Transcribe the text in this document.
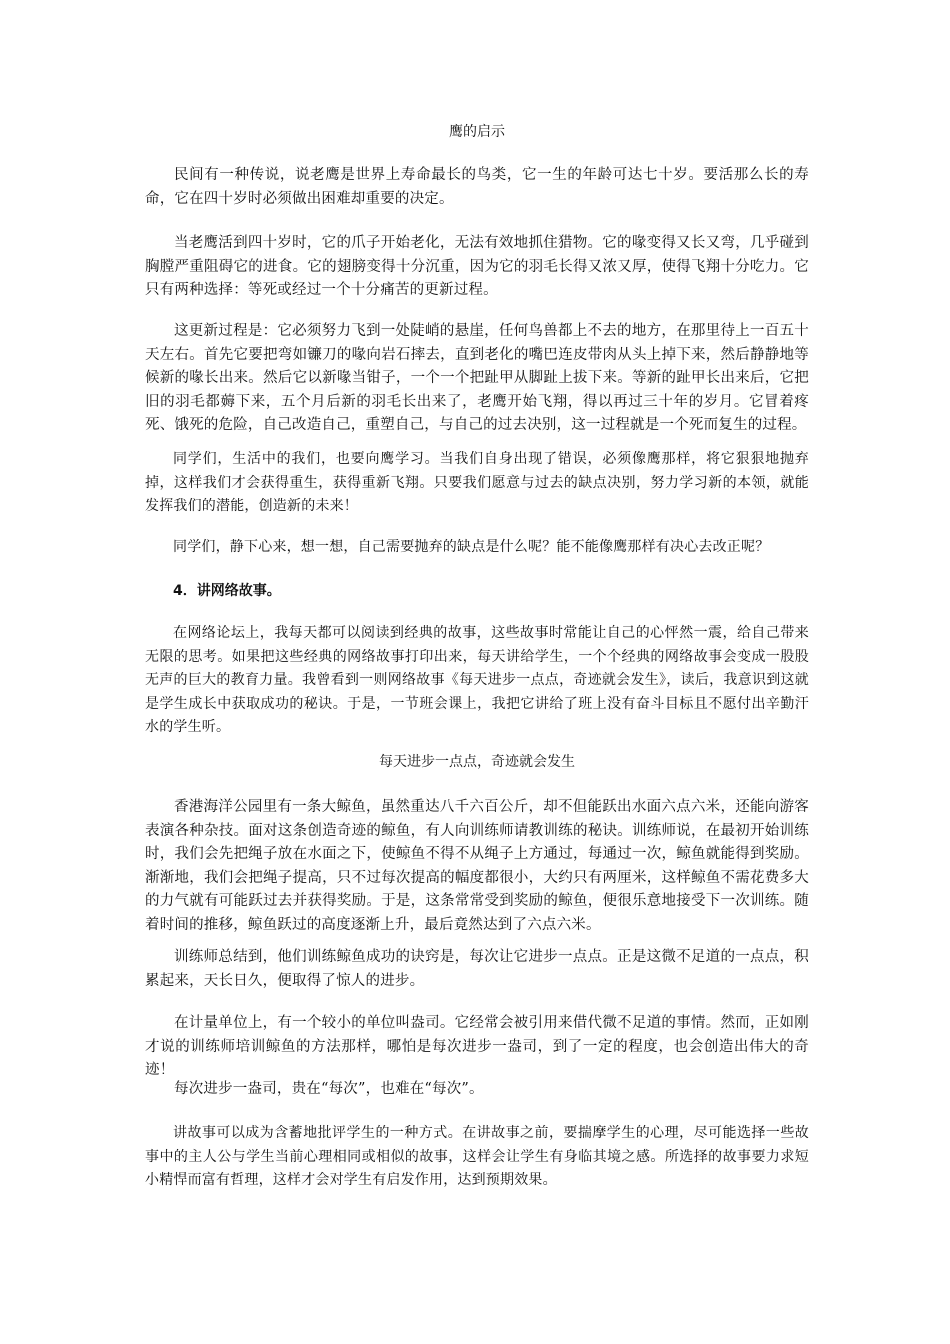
鹰的启示

民间有一种传说，说老鹰是世界上寿命最长的鸟类，它一生的年龄可达七十岁。要活那么长的寿命，它在四十岁时必须做出困难却重要的决定。

当老鹰活到四十岁时，它的爪子开始老化，无法有效地抓住猎物。它的喙变得又长又弯，几乎碰到胸膛严重阻碍它的进食。它的翅膀变得十分沉重，因为它的羽毛长得又浓又厚，使得飞翔十分吃力。它只有两种选择：等死或经过一个十分痛苦的更新过程。

这更新过程是：它必须努力飞到一处陡峭的悬崖，任何鸟兽都上不去的地方，在那里待上一百五十天左右。首先它要把弯如镰刀的喙向岩石摔去，直到老化的嘴巴连皮带肉从头上掉下来，然后静静地等候新的喙长出来。然后它以新喙当钳子，一个一个把趾甲从脚趾上拔下来。等新的趾甲长出来后，它把旧的羽毛都薅下来，五个月后新的羽毛长出来了，老鹰开始飞翔，得以再过三十年的岁月。它冒着疼死、饿死的危险，自己改造自己，重塑自己，与自己的过去决别，这一过程就是一个死而复生的过程。

同学们，生活中的我们，也要向鹰学习。当我们自身出现了错误，必须像鹰那样，将它狠狠地抛弃掉，这样我们才会获得重生，获得重新飞翔。只要我们愿意与过去的缺点决别，努力学习新的本领，就能发挥我们的潜能，创造新的未来！

同学们，静下心来，想一想，自己需要抛弃的缺点是什么呢？能不能像鹰那样有决心去改正呢？

4．讲网络故事。

在网络论坛上，我每天都可以阅读到经典的故事，这些故事时常能让自己的心怦然一震，给自己带来无限的思考。如果把这些经典的网络故事打印出来，每天讲给学生，一个个经典的网络故事会变成一股股无声的巨大的教育力量。我曾看到一则网络故事《每天进步一点点，奇迹就会发生》，读后，我意识到这就是学生成长中获取成功的秘诀。于是，一节班会课上，我把它讲给了班上没有奋斗目标且不愿付出辛勤汗水的学生听。

每天进步一点点，奇迹就会发生

香港海洋公园里有一条大鲸鱼，虽然重达八千六百公斤，却不但能跃出水面六点六米，还能向游客表演各种杂技。面对这条创造奇迹的鲸鱼，有人向训练师请教训练的秘诀。训练师说，在最初开始训练时，我们会先把绳子放在水面之下，使鲸鱼不得不从绳子上方通过，每通过一次，鲸鱼就能得到奖励。渐渐地，我们会把绳子提高，只不过每次提高的幅度都很小，大约只有两厘米，这样鲸鱼不需花费多大的力气就有可能跃过去并获得奖励。于是，这条常常受到奖励的鲸鱼，便很乐意地接受下一次训练。随着时间的推移，鲸鱼跃过的高度逐渐上升，最后竟然达到了六点六米。

训练师总结到，他们训练鲸鱼成功的诀窍是，每次让它进步一点点。正是这微不足道的一点点，积累起来，天长日久，便取得了惊人的进步。

在计量单位上，有一个较小的单位叫盎司。它经常会被引用来借代微不足道的事情。然而，正如刚才说的训练师培训鲸鱼的方法那样，哪怕是每次进步一盎司，到了一定的程度，也会创造出伟大的奇迹！

每次进步一盎司，贵在“每次”，也难在“每次”。

讲故事可以成为含蓄地批评学生的一种方式。在讲故事之前，要揣摩学生的心理，尽可能选择一些故事中的主人公与学生当前心理相同或相似的故事，这样会让学生有身临其境之感。所选择的故事要力求短小精悍而富有哲理，这样才会对学生有启发作用，达到预期效果。
